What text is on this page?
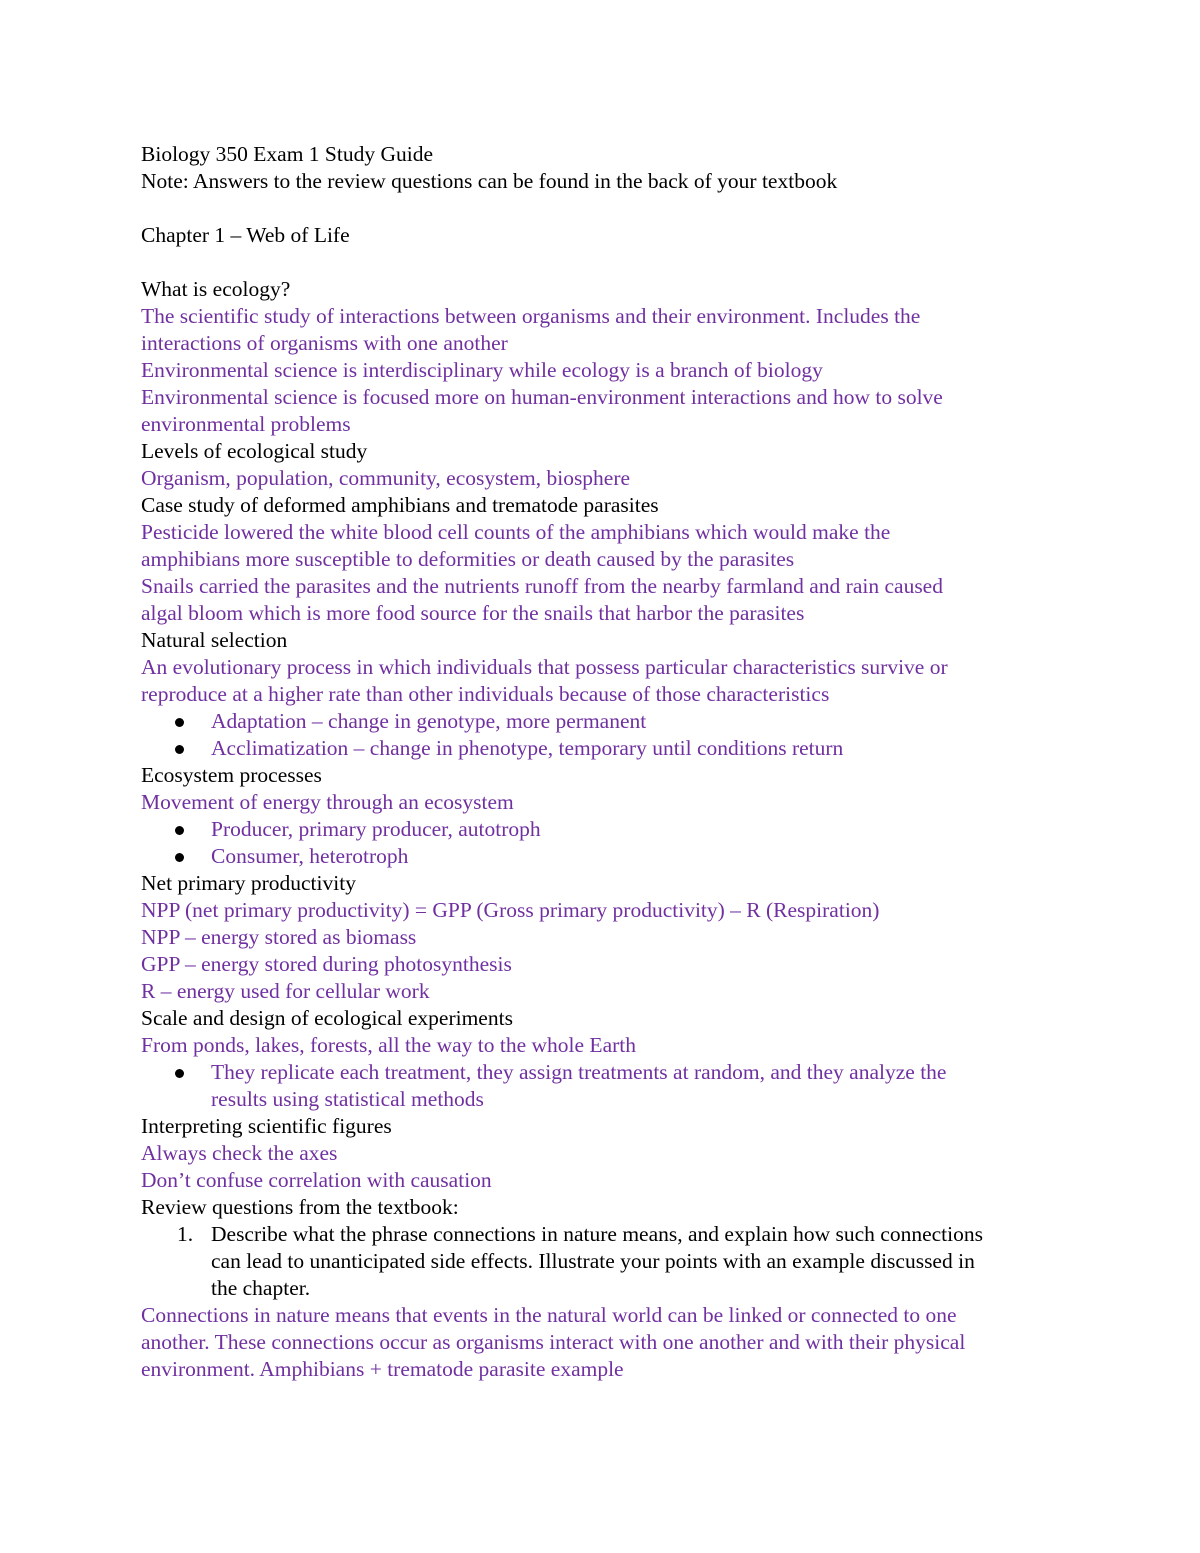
Biology 350 Exam 1 Study Guide
Note: Answers to the review questions can be found in the back of your textbook
Chapter 1 – Web of Life
What is ecology?
The scientific study of interactions between organisms and their environment. Includes the
interactions of organisms with one another
Environmental science is interdisciplinary while ecology is a branch of biology
Environmental science is focused more on human-environment interactions and how to solve
environmental problems
Levels of ecological study
Organism, population, community, ecosystem, biosphere
Case study of deformed amphibians and trematode parasites
Pesticide lowered the white blood cell counts of the amphibians which would make the
amphibians more susceptible to deformities or death caused by the parasites
Snails carried the parasites and the nutrients runoff from the nearby farmland and rain caused
algal bloom which is more food source for the snails that harbor the parasites
Natural selection
An evolutionary process in which individuals that possess particular characteristics survive or
reproduce at a higher rate than other individuals because of those characteristics
Adaptation – change in genotype, more permanent
Acclimatization – change in phenotype, temporary until conditions return
Ecosystem processes
Movement of energy through an ecosystem
Producer, primary producer, autotroph
Consumer, heterotroph
Net primary productivity
NPP (net primary productivity) = GPP (Gross primary productivity) – R (Respiration)
NPP – energy stored as biomass
GPP – energy stored during photosynthesis
R – energy used for cellular work
Scale and design of ecological experiments
From ponds, lakes, forests, all the way to the whole Earth
They replicate each treatment, they assign treatments at random, and they analyze the
results using statistical methods
Interpreting scientific figures
Always check the axes
Don’t confuse correlation with causation
Review questions from the textbook:
1. Describe what the phrase connections in nature means, and explain how such connections
can lead to unanticipated side effects. Illustrate your points with an example discussed in
the chapter.
Connections in nature means that events in the natural world can be linked or connected to one
another. These connections occur as organisms interact with one another and with their physical
environment. Amphibians + trematode parasite example
